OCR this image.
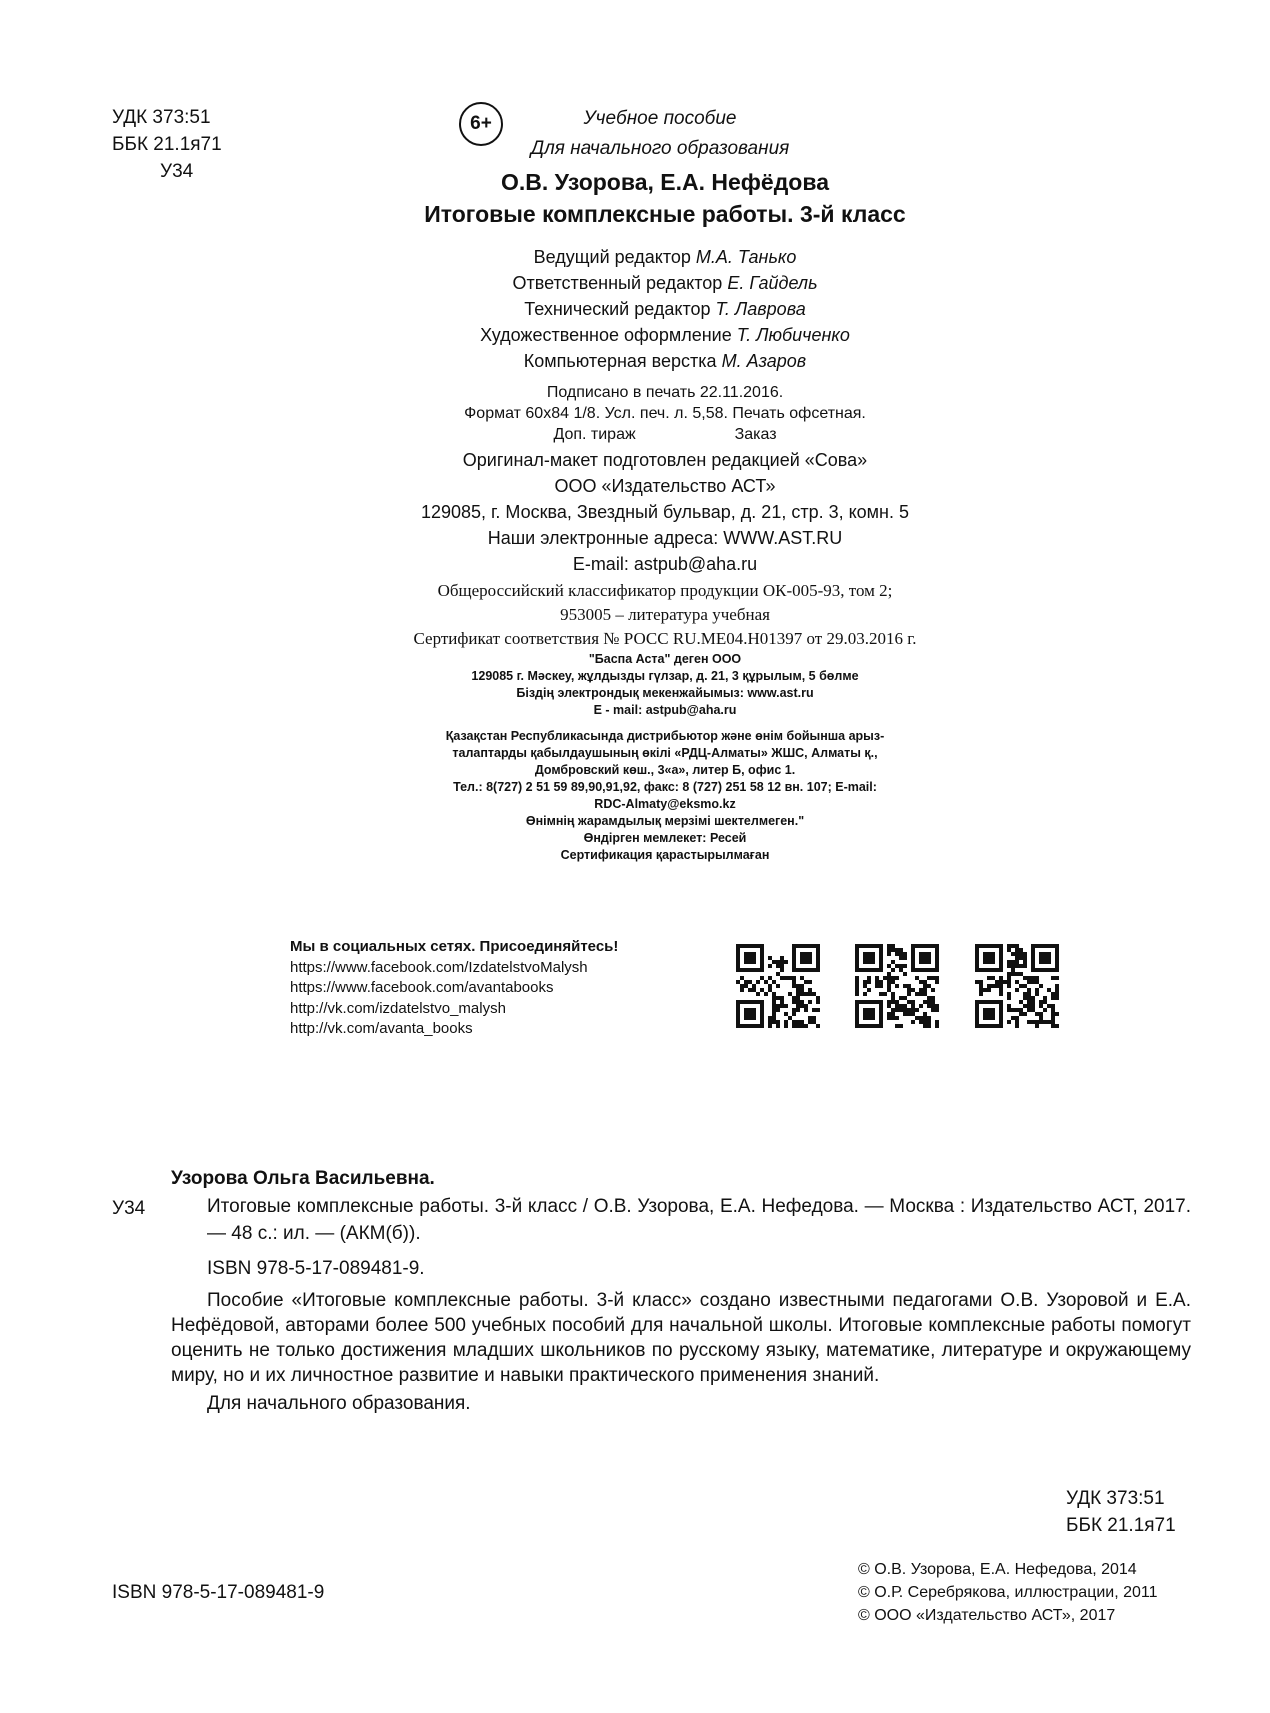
УДК 373:51
ББК 21.1я71
У34
6+	Учебное пособие
Для начального образования
О.В. Узорова, Е.А. Нефёдова
Итоговые комплексные работы. 3-й класс
Ведущий редактор М.А. Танько
Ответственный редактор Е. Гайдель
Технический редактор Т. Лаврова
Художественное оформление Т. Любиченко
Компьютерная верстка М. Азаров
Подписано в печать 22.11.2016.
Формат 60x84 1/8. Усл. печ. л. 5,58. Печать офсетная.
Доп. тираж	Заказ
Оригинал-макет подготовлен редакцией «Сова»
ООО «Издательство АСТ»
129085, г. Москва, Звездный бульвар, д. 21, стр. 3, комн. 5
Наши электронные адреса: WWW.AST.RU
E-mail: astpub@aha.ru
Общероссийский классификатор продукции ОК-005-93, том 2;
953005 – литература учебная
Сертификат соответствия № РОСС RU.МЕ04.Н01397 от 29.03.2016 г.
"Баспа Аста" деген ООО
129085 г. Мәскеу, жұлдызды гүлзар, д. 21, 3 құрылым, 5 бөлме
Біздің электрондық мекенжайымыз: www.ast.ru
E - mail: astpub@aha.ru
Қазақстан Республикасында дистрибьютор және өнім бойынша арыз-
талаптарды қабылдаушының өкілі «РДЦ-Алматы» ЖШС, Алматы қ.,
Домбровский көш., 3«а», литер Б, офис 1.
Тел.: 8(727) 2 51 59 89,90,91,92, факс: 8 (727) 251 58 12 вн. 107; E-mail:
RDC-Almaty@eksmo.kz
Өнімнің жарамдылық мерзімі шектелмеген."
Өндірген мемлекет: Ресей
Сертификация қарастырылмаған
Мы в социальных сетях. Присоединяйтесь!
https://www.facebook.com/IzdatelstvoMalysh
https://www.facebook.com/avantabooks
http://vk.com/izdatelstvo_malysh
http://vk.com/avanta_books
Узорова Ольга Васильевна.
У34	Итоговые комплексные работы. 3-й класс / О.В. Узорова, Е.А. Нефедова. — Москва : Издательство АСТ, 2017. — 48 с.: ил. — (АКМ(б)).
ISBN 978-5-17-089481-9.

Пособие «Итоговые комплексные работы. 3-й класс» создано известными педагогами О.В. Узоровой и Е.А. Нефёдовой, авторами более 500 учебных пособий для начальной школы. Итоговые комплексные работы помогут оценить не только достижения младших школьников по русскому языку, математике, литературе и окружающему миру, но и их личностное развитие и навыки практического применения знаний.

Для начального образования.

УДК 373:51
ББК 21.1я71
ISBN 978-5-17-089481-9
© О.В. Узорова, Е.А. Нефедова, 2014
© О.Р. Серебрякова, иллюстрации, 2011
© ООО «Издательство АСТ», 2017
